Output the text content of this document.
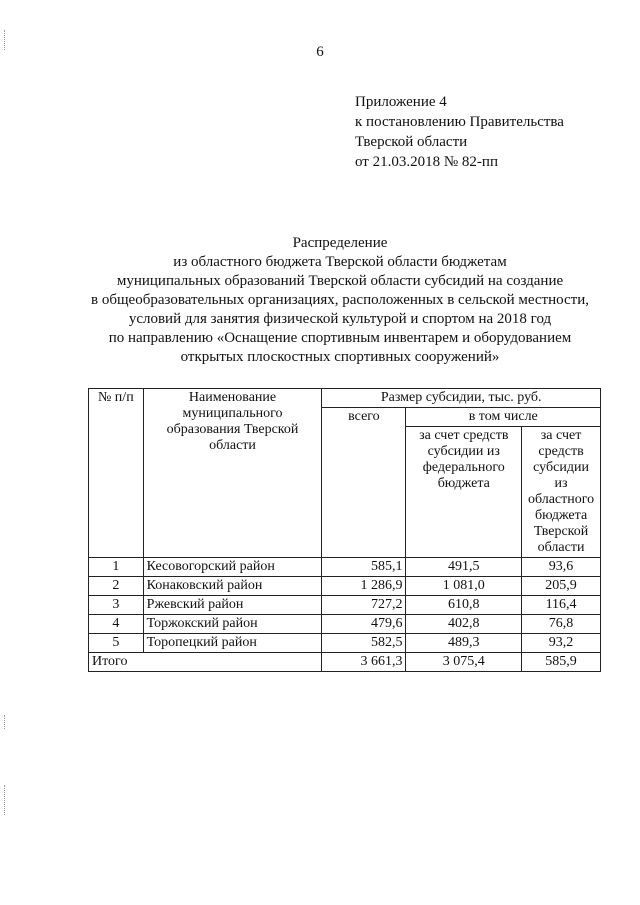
6
Приложение 4
к постановлению Правительства
Тверской области
от 21.03.2018 № 82-пп
Распределение
из областного бюджета Тверской области бюджетам
муниципальных образований Тверской области субсидий на создание
в общеобразовательных организациях, расположенных в сельской местности,
условий для занятия физической культурой и спортом на 2018 год
по направлению «Оснащение спортивным инвентарем и оборудованием
открытых плоскостных спортивных сооружений»
№ п/п	Наименование муниципального образования Тверской области	Размер субсидии, тыс. руб.		
		всего	в том числе	
			за счет средств субсидии из федерального бюджета	за счет средств субсидии из областного бюджета Тверской области
1	Кесовогорский район	585,1	491,5	93,6
2	Конаковский район	1 286,9	1 081,0	205,9
3	Ржевский район	727,2	610,8	116,4
4	Торжокский район	479,6	402,8	76,8
5	Торопецкий район	582,5	489,3	93,2
Итого		3 661,3	3 075,4	585,9
